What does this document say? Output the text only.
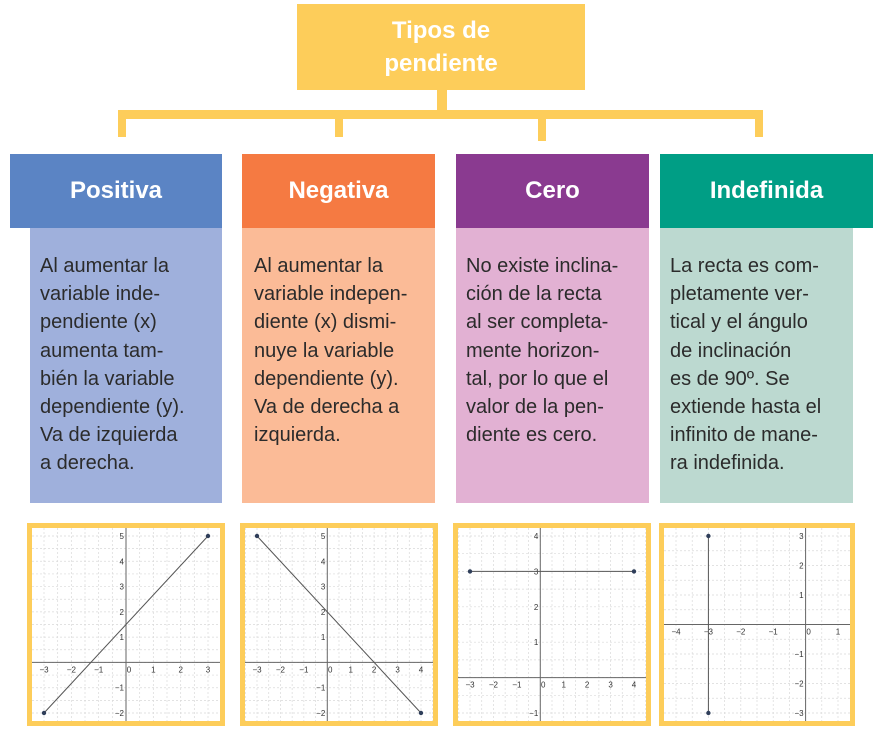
Tipos de
pendiente
Positiva
Al aumentar la
variable inde-
pendiente (x)
aumenta tam-
bién la variable
dependiente (y).
Va de izquierda
a derecha.
−3 −2 −1	0 1	2	3
−2
−1
1
2
3
4
5
Negativa
Al aumentar la
variable indepen-
diente (x) dismi-
nuye la variable
dependiente (y).
Va de derecha a
izquierda.
−3 −2 −1 0 1 2 3 4
−2
−1
1
2
3
4
5
Cero
No existe inclina-
ción de la recta
al ser completa-
mente horizon-
tal, por lo que el
valor de la pen-
diente es cero.
−3 −2 −1 0 1 2 3 4
−1
1
2
3
4
Indefinida
La recta es com-
pletamente ver-
tical y el ángulo
de inclinación
es de 90º. Se
extiende hasta el
infinito de mane-
ra indefinida.
−4	−3	−2	−1	0	1
−3
−2
−1
1
2
3
